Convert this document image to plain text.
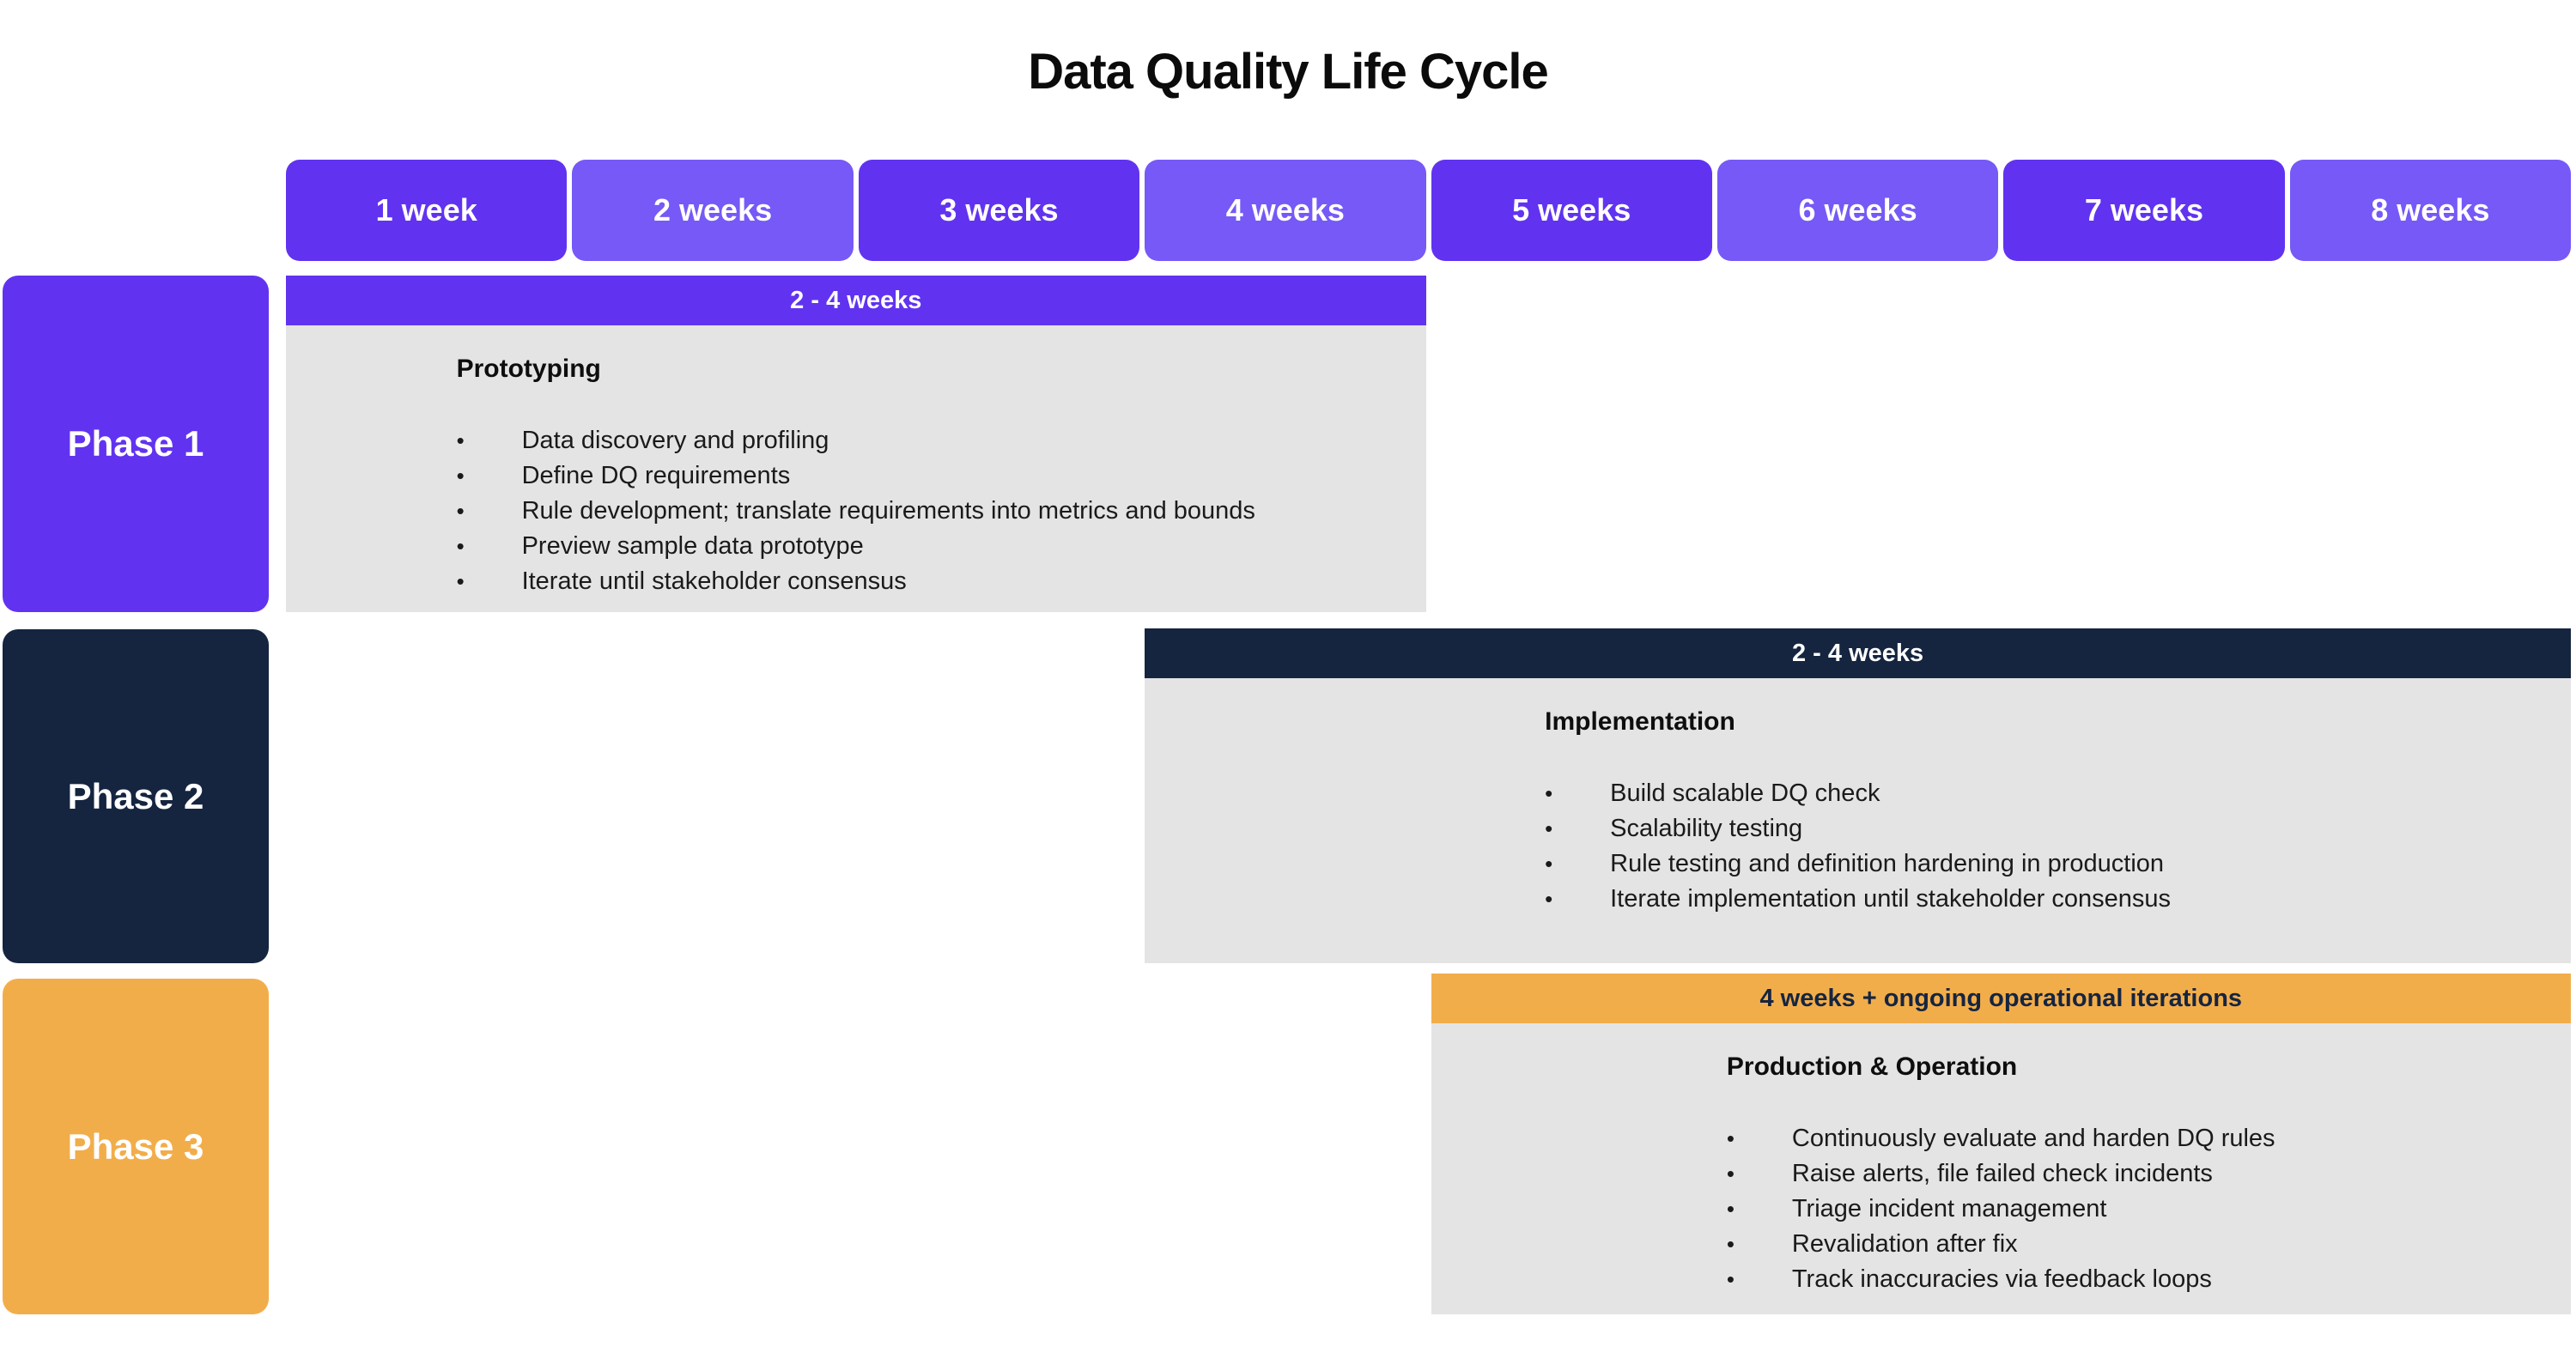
Data Quality Life Cycle
1 week	2 weeks	3 weeks	4 weeks	5 weeks	6 weeks	7 weeks	8 weeks
Phase 1
2 - 4 weeks
Prototyping
•	Data discovery and profiling
•	Define DQ requirements
•	Rule development; translate requirements into metrics and bounds
•	Preview sample data prototype
•	Iterate until stakeholder consensus
Phase 2
2 - 4 weeks
Implementation
•	Build scalable DQ check
•	Scalability testing
•	Rule testing and definition hardening in production
•	Iterate implementation until stakeholder consensus
Phase 3
4 weeks + ongoing operational iterations
Production & Operation
•	Continuously evaluate and harden DQ rules
•	Raise alerts, file failed check incidents
•	Triage incident management
•	Revalidation after fix
•	Track inaccuracies via feedback loops
